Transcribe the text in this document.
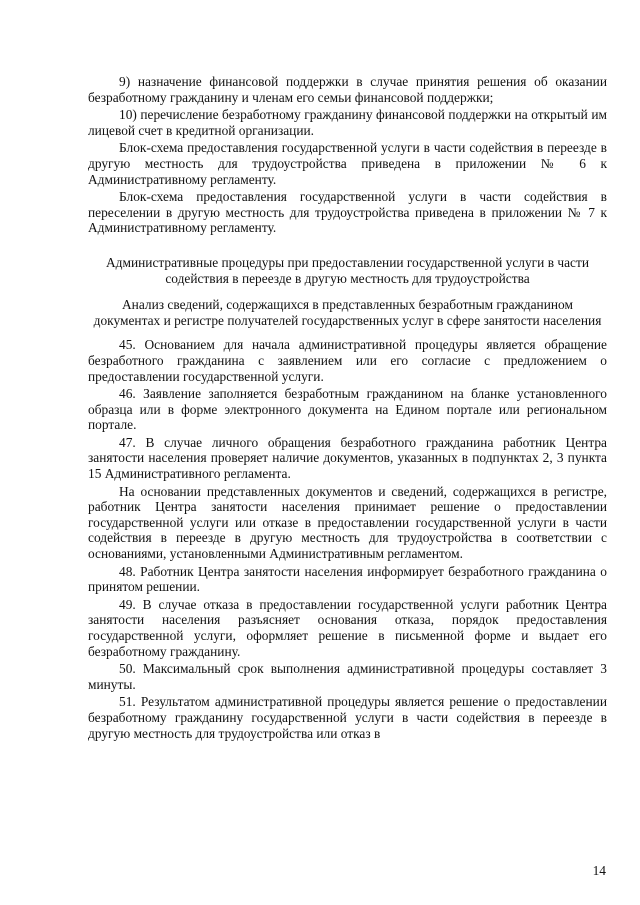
9) назначение финансовой поддержки в случае принятия решения об оказании безработному гражданину и членам его семьи финансовой поддержки;

10) перечисление безработному гражданину финансовой поддержки на открытый им лицевой счет в кредитной организации.

Блок-схема предоставления государственной услуги в части содействия в переезде в другую местность для трудоустройства приведена в приложении № 6 к Административному регламенту.

Блок-схема предоставления государственной услуги в части содействия в переселении в другую местность для трудоустройства приведена в приложении № 7 к Административному регламенту.

Административные процедуры при предоставлении государственной услуги в части содействия в переезде в другую местность для трудоустройства

Анализ сведений, содержащихся в представленных безработным гражданином документах и регистре получателей государственных услуг в сфере занятости населения

45. Основанием для начала административной процедуры является обращение безработного гражданина с заявлением или его согласие с предложением о предоставлении государственной услуги.

46. Заявление заполняется безработным гражданином на бланке установленного образца или в форме электронного документа на Едином портале или региональном портале.

47. В случае личного обращения безработного гражданина работник Центра занятости населения проверяет наличие документов, указанных в подпунктах 2, 3 пункта 15 Административного регламента.

На основании представленных документов и сведений, содержащихся в регистре, работник Центра занятости населения принимает решение о предоставлении государственной услуги или отказе в предоставлении государственной услуги в части содействия в переезде в другую местность для трудоустройства в соответствии с основаниями, установленными Административным регламентом.

48. Работник Центра занятости населения информирует безработного гражданина о принятом решении.

49. В случае отказа в предоставлении государственной услуги работник Центра занятости населения разъясняет основания отказа, порядок предоставления государственной услуги, оформляет решение в письменной форме и выдает его безработному гражданину.

50. Максимальный срок выполнения административной процедуры составляет 3 минуты.

51. Результатом административной процедуры является решение о предоставлении безработному гражданину государственной услуги в части содействия в переезде в другую местность для трудоустройства или отказ в

14
